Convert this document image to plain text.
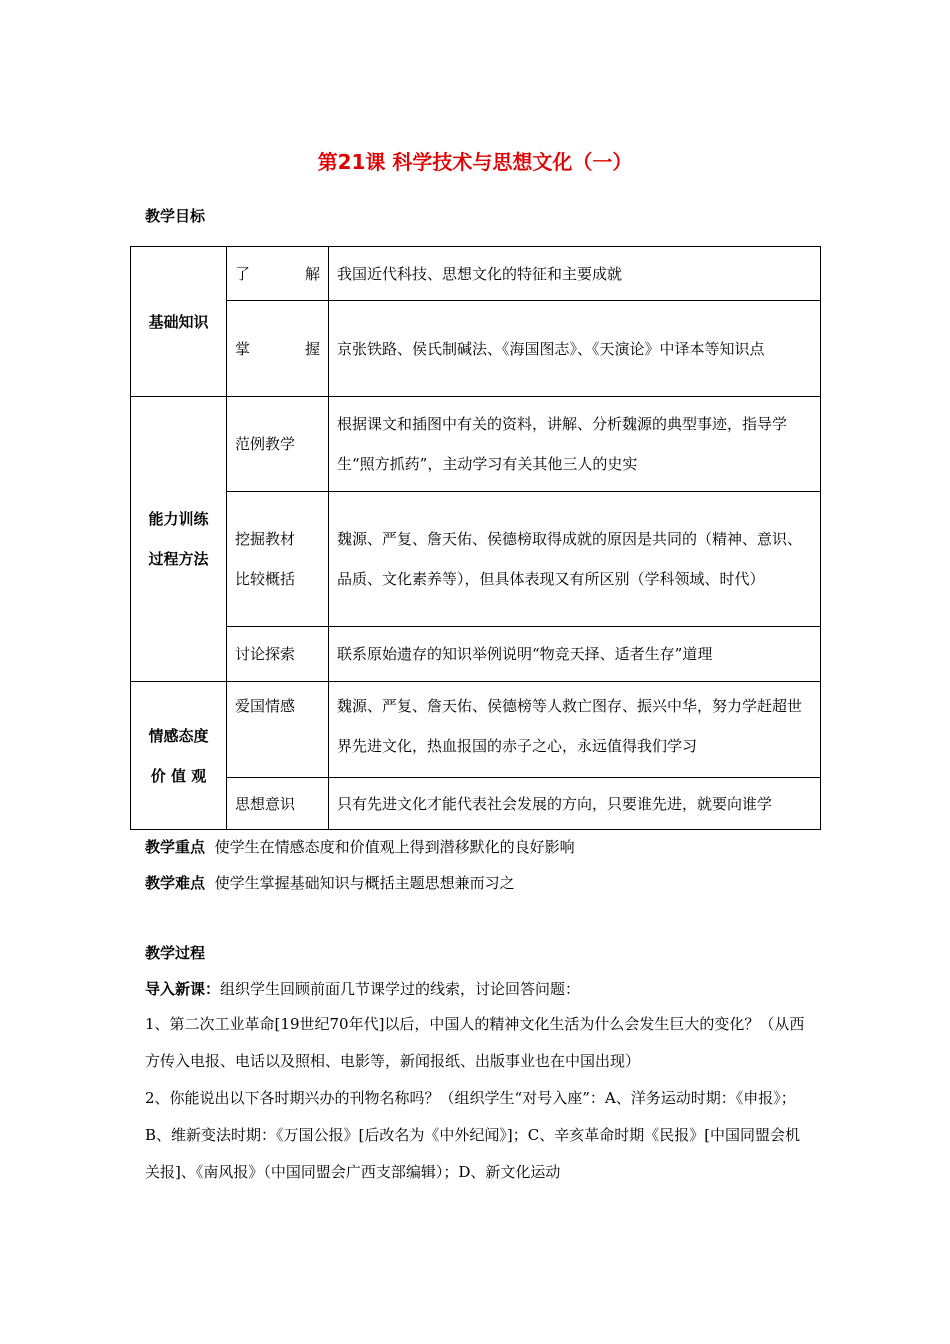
第21课 科学技术与思想文化（一）
教学目标
基础知识	了 解	我国近代科技、思想文化的特征和主要成就

	掌 握	京张铁路、侯氏制碱法、《海国图志》、《天演论》中译本等知识点

能力训练
过程方法	范例教学	根据课文和插图中有关的资料，讲解、分析魏源的典型事迹，指导学生“照方抓药”，主动学习有关其他三人的史实

	挖掘教材
比较概括	魏源、严复、詹天佑、侯德榜取得成就的原因是共同的（精神、意识、品质、文化素养等），但具体表现又有所区别（学科领域、时代）
	讨论探索	联系原始遗存的知识举例说明“物竞天择、适者生存”道理

情感态度
价 值 观	爱国情感	魏源、严复、詹天佑、侯德榜等人救亡图存、振兴中华，努力学赶超世界先进文化，热血报国的赤子之心，永远值得我们学习
	思想意识	只有先进文化才能代表社会发展的方向，只要谁先进，就要向谁学
教学重点 使学生在情感态度和价值观上得到潜移默化的良好影响
教学难点 使学生掌握基础知识与概括主题思想兼而习之
教学过程
导入新课：组织学生回顾前面几节课学过的线索，讨论回答问题：
1、第二次工业革命[19世纪70年代]以后，中国人的精神文化生活为什么会发生巨大的变化？（从西方传入电报、电话以及照相、电影等，新闻报纸、出版事业也在中国出现）
2、你能说出以下各时期兴办的刊物名称吗？（组织学生“对号入座”：A、洋务运动时期：《申报》；B、维新变法时期：《万国公报》[后改名为《中外纪闻》]；C、辛亥革命时期《民报》[中国同盟会机关报]、《南风报》（中国同盟会广西支部编辑）；D、新文化运动
